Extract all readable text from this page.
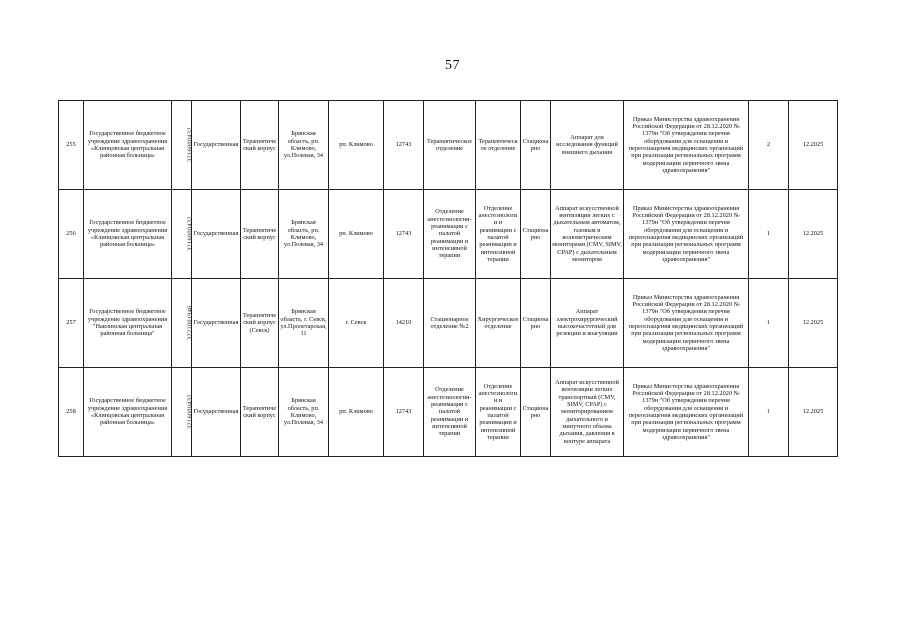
57
255	Государственное бюджетное учреждение здравоохранения «Клинцовская центральная районная больница»	3216000432	Государственная	Терапевтический корпус	Брянская область, рп. Климово, ул.Полевая, 34	рп. Климово	12743	Терапевтическое отделение	Терапевтическое отделение	Стационарно	Аппарат для исследования функций внешнего дыхания	Приказ Министерства здравоохранения Российской Федерации от 28.12.2020 № 1379н "Об утверждении перечня оборудования для оснащения и переоснащения медицинских организаций при реализации региональных программ модернизации первичного звена здравоохранения"	2	12.2025
256	Государственное бюджетное учреждение здравоохранения «Клинцовская центральная районная больница»	3216000432	Государственная	Терапевтический корпус	Брянская область, рп. Климово, ул.Полевая, 34	рп. Климово	12743	Отделение анестезиологии-реанимации с палатой реанимации и интенсивной терапии	Отделение анестезиологии и реанимации с палатой реанимации и интенсивной терапии	Стационарно	Аппарат искусственной вентиляции легких с дыхательным автоматом, газовым и волюметрическим мониторами (CMV, SIMV, CPAP) с дыхательным монитором	Приказ Министерства здравоохранения Российской Федерации от 28.12.2020 № 1379н "Об утверждении перечня оборудования для оснащения и переоснащения медицинских организаций при реализации региональных программ модернизации первичного звена здравоохранения"	1	12.2025
257	Государственное бюджетное учреждение здравоохранения "Навлинская центральная районная больница"	3221001946	Государственная	Терапевтический корпус (Севск)	Брянская область, г. Севск, ул.Пролетарская, 11	г. Севск	14210	Стационарное отделение №2	Хирургическое отделение	Стационарно	Аппарат электрохирургический высокочастотный для резекции и коагуляции	Приказ Министерства здравоохранения Российской Федерации от 28.12.2020 № 1379н "Об утверждении перечня оборудования для оснащения и переоснащения медицинских организаций при реализации региональных программ модернизации первичного звена здравоохранения"	1	12.2025
258	Государственное бюджетное учреждение здравоохранения «Клинцовская центральная районная больница»	3216000432	Государственная	Терапевтический корпус	Брянская область, рп. Климово, ул.Полевая, 34	рп. Климово	12743	Отделение анестезиологии-реанимации с палатой реанимации и интенсивной терапии	Отделение анестезиологии и реанимации с палатой реанимации и интенсивной терапии	Стационарно	Аппарат искусственной вентиляции легких транспортный (CMV, SIMV, CPAP) с мониторированием дыхательного и минутного объема дыхания, давления в контуре аппарата	Приказ Министерства здравоохранения Российской Федерации от 28.12.2020 № 1379н "Об утверждении перечня оборудования для оснащения и переоснащения медицинских организаций при реализации региональных программ модернизации первичного звена здравоохранения"	1	12.2025
